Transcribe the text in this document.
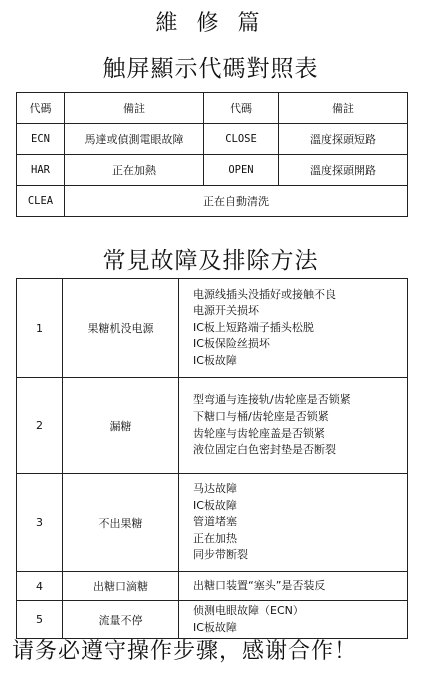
維 修 篇
触屏顯示代碼對照表
代碼	備註	代碼	備註
ECN	馬達或偵測電眼故障	CLOSE	溫度探頭短路
HAR	正在加熱	OPEN	溫度探頭開路
CLEA	正在自動清洗		
常見故障及排除方法
1	果糖机没电源	电源线插头没插好或接触不良
电源开关损坏
IC板上短路端子插头松脱
IC板保险丝损坏
IC板故障

2	漏糖	型弯通与连接轨/齿轮座是否锁紧
下糖口与桶/齿轮座是否锁紧
齿轮座与齿轮座盖是否锁紧
液位固定白色密封垫是否断裂

3	不出果糖	马达故障
IC板故障
管道堵塞
正在加热
同步带断裂

4	出糖口滴糖	出糖口装置“塞头”是否装反

5	流量不停	侦测电眼故障（ECN）
IC板故障
请务必遵守操作步骤，感谢合作！
